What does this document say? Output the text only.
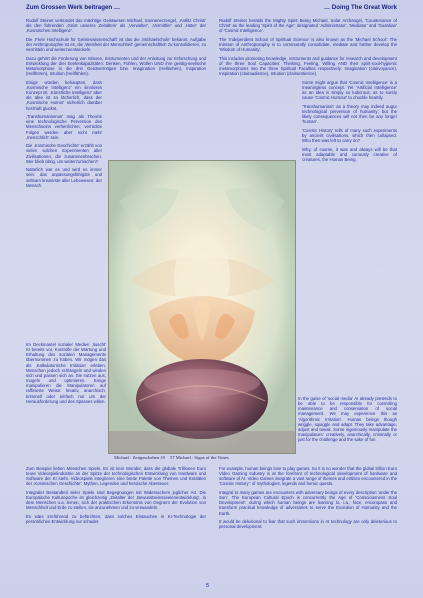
Zum Grossen Werk beitragen …	… Doing The Great Work

Rudolf Steiner verkündet das mächtige Geistwesen Michael, Sonnenerzengel, ‚Antlitz Christi' als den führenden ‚Geist unseres Zeitalters' als ‚Verwalter', ‚Vermittler' und ‚Hüter' der ‚Kosmischen Intelligenz'.

Die ‚Freie Hochschule für Geisteswissenschaft' ist das die ‚Michaelschule' bekannt. Aufgabe der Anthroposophie ist es, die ‚Weisheit der Menschheit' gemeinschaftlich zu konsolidieren, zu vermitteln und weiterzuentwickeln.

Dazu gehört die Förderung von Wissen, Instrumenten und der Anleitung zur Erforschung und Entwicklung der drei Seelenkapazitäten: Denken, Fühlen, Wollen UND ihre geistig-seelische Metamorphose in die drei Geistvermögen bzw. Imagination (Hellsehen), Inspiration (Hellhören), Intuition (Hellfühlen).

Einige würden behaupten, dass ‚Kosmische Intelligenz' ein sinnloses Konzept ist. ‚Künstliche Intelligenz' aber als Idee ist so lächerlich, dass der ‚Kosmische Humor' sicherlich darüber herzhaft gluckst.

‚Transhumanismus' mag als Theorie eine technologische Perversion des Menschseins verherrlichen; verrückte Folgen werden aber nicht mehr ‚menschlich' sein.

Die ‚Kosmische Geschichte' erzählt von vielen solchen Experimenten aller Zivilisationen, die zusammenbrachen. Wer blieb übrig, um weiterzumachen?

Natürlich war es und wird es immer sein: das anpassungsfähigste und seltsam kreativste aller Lebewesen: der Mensch.

Rudolf Steiner heralds the Mighty Spirit Being Michael, Solar Archangel, 'Countenance of Christ' as the leading 'Spirit of the Age': designated 'Administrator', 'Mediator' and 'Guardian' of 'Cosmic Intelligence'.

The 'Independent School of Spiritual Science' is also known as the 'Michael School'. The mission of Anthroposophy is to communally consolidate, mediate and further develop the 'Wisdom of Humanity'.

This includes promoting knowledge, instruments and guidance for research and development of the three Soul Capacities: Thinking, Feeling, Willing AND their spirit-soul-hygienic metamorphosis into the three Spiritual Faculties respectively: Imagination (clairvoyance), Inspiration (clairaudience), Intuition (clairsentience).

Some might argue that 'Cosmic Intelligence' is a meaningless concept. Yet 'Artificial Intelligence' as an idea is simply so ludicrous, as to surely cause 'Cosmic Humour' to chuckle heartily.

'Transhumanism' as a theory may indeed augur technological perversion of humanity; but the likely consequences will not then be any longer 'human'.

'Cosmic History' tells of many such experiments by ancient civilisations, which then collapsed. Who then was left to carry on?

Why, of course, it was and always will be that most adaptable and curiously creative of creatures, the Human Being.

Im Deckmantel sozialer Medien ‚tiuscht' KI bereits vor, Kontrolle der Wartung und Erhaltung des sozialen Managements übernommen zu haben. Wir mögen das als ‚Kalkulatorische Irritation' erleben. Menschen jedoch schlängeln und winden sich und passen sich an. Sie nutzen aus, mogeln und optimieren. Einige manipulieren die Manipulatoren auf raffinierte Weise: kreativ, anarchisch, kriminell oder einfach nur um der Herausforderung und des Spasses willen.

In the guise of 'social media' AI already pretends to be able to be responsible for controlling maintenance and conservation of social management. We may experience this as 'Algorithmic Irritation'. Human beings though wriggle, squiggle and adapt. They take advantage, adjust and tweak. Some ingeniously manipulate the manipulators: creatively, anarchically, criminally or just for the challenge and the sake of fun.

Zum Beispiel lieben Menschen Spiele. Es ist kein Wunder, dass die globale Trillionen Euro teure Videospielindustrie an der Spitze der technologischen Entwicklung von Hardware und Software der KI steht. Videospiele integrieren eine breite Palette von Themen und Entitäten der ‚Kosmischen Geschichte': Mythen, Legenden und heroische Abenteuer.

Integraler Bestandteil vieler Spiele sind Begegnungen mit Widersachern jeglicher Art. Die Europäische Kulturepoche ist gleichzeitig ‚Zeitalter der ‚Bewusstseinsseelenentwicklung', in dem Menschen u.a. lernen, sich der praktischen Erkenntnis von Gegnern der Evolution von Menschheit und Erde zu stellen, sie anzunehmen und zu verwandeln.

Es wäre irreführend zu befürchten, dass solches Eintauchen in KI-Technologie der persönlichen Entwicklung nur schadet.

For example, human beings love to play games. So it is no wonder that the global trillion Euro Video Gaming Industry is at the forefront of technological development of hardware and software of AI. Video Games integrate a vast range of themes and entities encountered in the 'Cosmic History': of mythologies, legends and heroic quests.

Integral to many games are encounters with adversary beings of every description 'under the Sun'. The European Cultural Epoch is concurrently the Age of 'Consciousness Soul Development': during which human beings are learning to, i.a., face, encompass and transform practical knowledge of adversaries to serve the Evolution of Humanity and the Earth.

It would be delusional to fear that such immersions in AI technology are only deleterious to personal development.

Michael : Zeitgeschehen 19 57 Michael : Signs of the Times
5
